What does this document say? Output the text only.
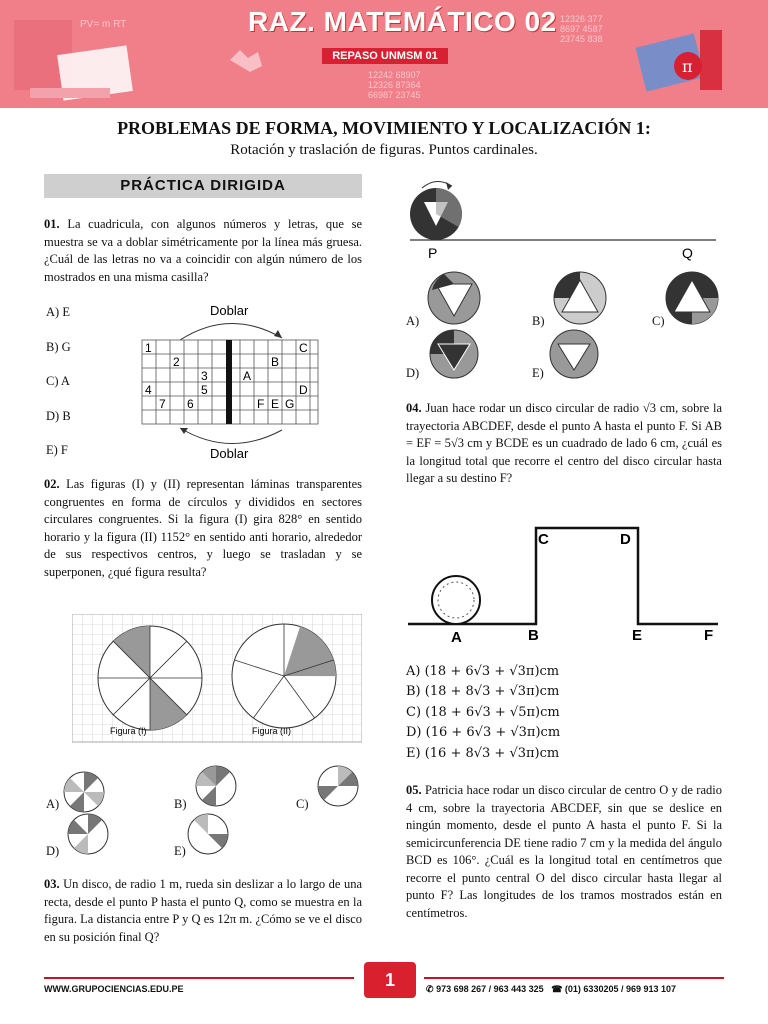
PV= m RT	12326 377
8697 4587
23745 838
12242 68907
12326 87364
66987 23745
π
RAZ. MATEMÁTICO 02
REPASO UNMSM 01
PROBLEMAS DE FORMA, MOVIMIENTO Y LOCALIZACIÓN 1:
Rotación y traslación de figuras. Puntos cardinales.
PRÁCTICA DIRIGIDA
01. La cuadricula, con algunos números y letras, que se muestra se va a doblar simétricamente por la línea más gruesa. ¿Cuál de las letras no va a coincidir con algún número de los mostrados en una misma casilla?
A) E
B) G
C) A
D) B
E) F
Doblar
Doblar
1	C
2	B
3	A
5
4	D
7 6	F E G
02. Las figuras (I) y (II) representan láminas transparentes congruentes en forma de círculos y divididos en sectores circulares congruentes. Si la figura (I) gira 828° en sentido horario y la figura (II) 1152° en sentido anti horario, alrededor de sus respectivos centros, y luego se trasladan y se superponen, ¿qué figura resulta?
Figura (I)	Figura (II)
A)	B)	C)
D)	E)
03. Un disco, de radio 1 m, rueda sin deslizar a lo largo de una recta, desde el punto P hasta el punto Q, como se muestra en la figura. La distancia entre P y Q es 12π m. ¿Cómo se ve el disco en su posición final Q?
P	Q
A)	B)	C)
D)	E)
04. Juan hace rodar un disco circular de radio √3 cm, sobre la trayectoria ABCDEF, desde el punto A hasta el punto F. Si AB = EF = 5√3 cm y BCDE es un cuadrado de lado 6 cm, ¿cuál es la longitud total que recorre el centro del disco circular hasta llegar a su destino F?
A	B
C	D
E	F
A) (18 + 6√3 + √3π)cm
B) (18 + 8√3 + √3π)cm
C) (18 + 6√3 + √5π)cm
D) (16 + 6√3 + √3π)cm
E) (16 + 8√3 + √3π)cm
05. Patricia hace rodar un disco circular de centro O y de radio 4 cm, sobre la trayectoria ABCDEF, sin que se deslice en ningún momento, desde el punto A hasta el punto F. Si la semicircunferencia DE tiene radio 7 cm y la medida del ángulo BCD es 106°. ¿Cuál es la longitud total en centímetros que recorre el punto central O del disco circular hasta llegar al punto F? Las longitudes de los tramos mostrados están en centímetros.
WWW.GRUPOCIENCIAS.EDU.PE	1	✆ 973 698 267 / 963 443 325 ☎ (01) 6330205 / 969 913 107
